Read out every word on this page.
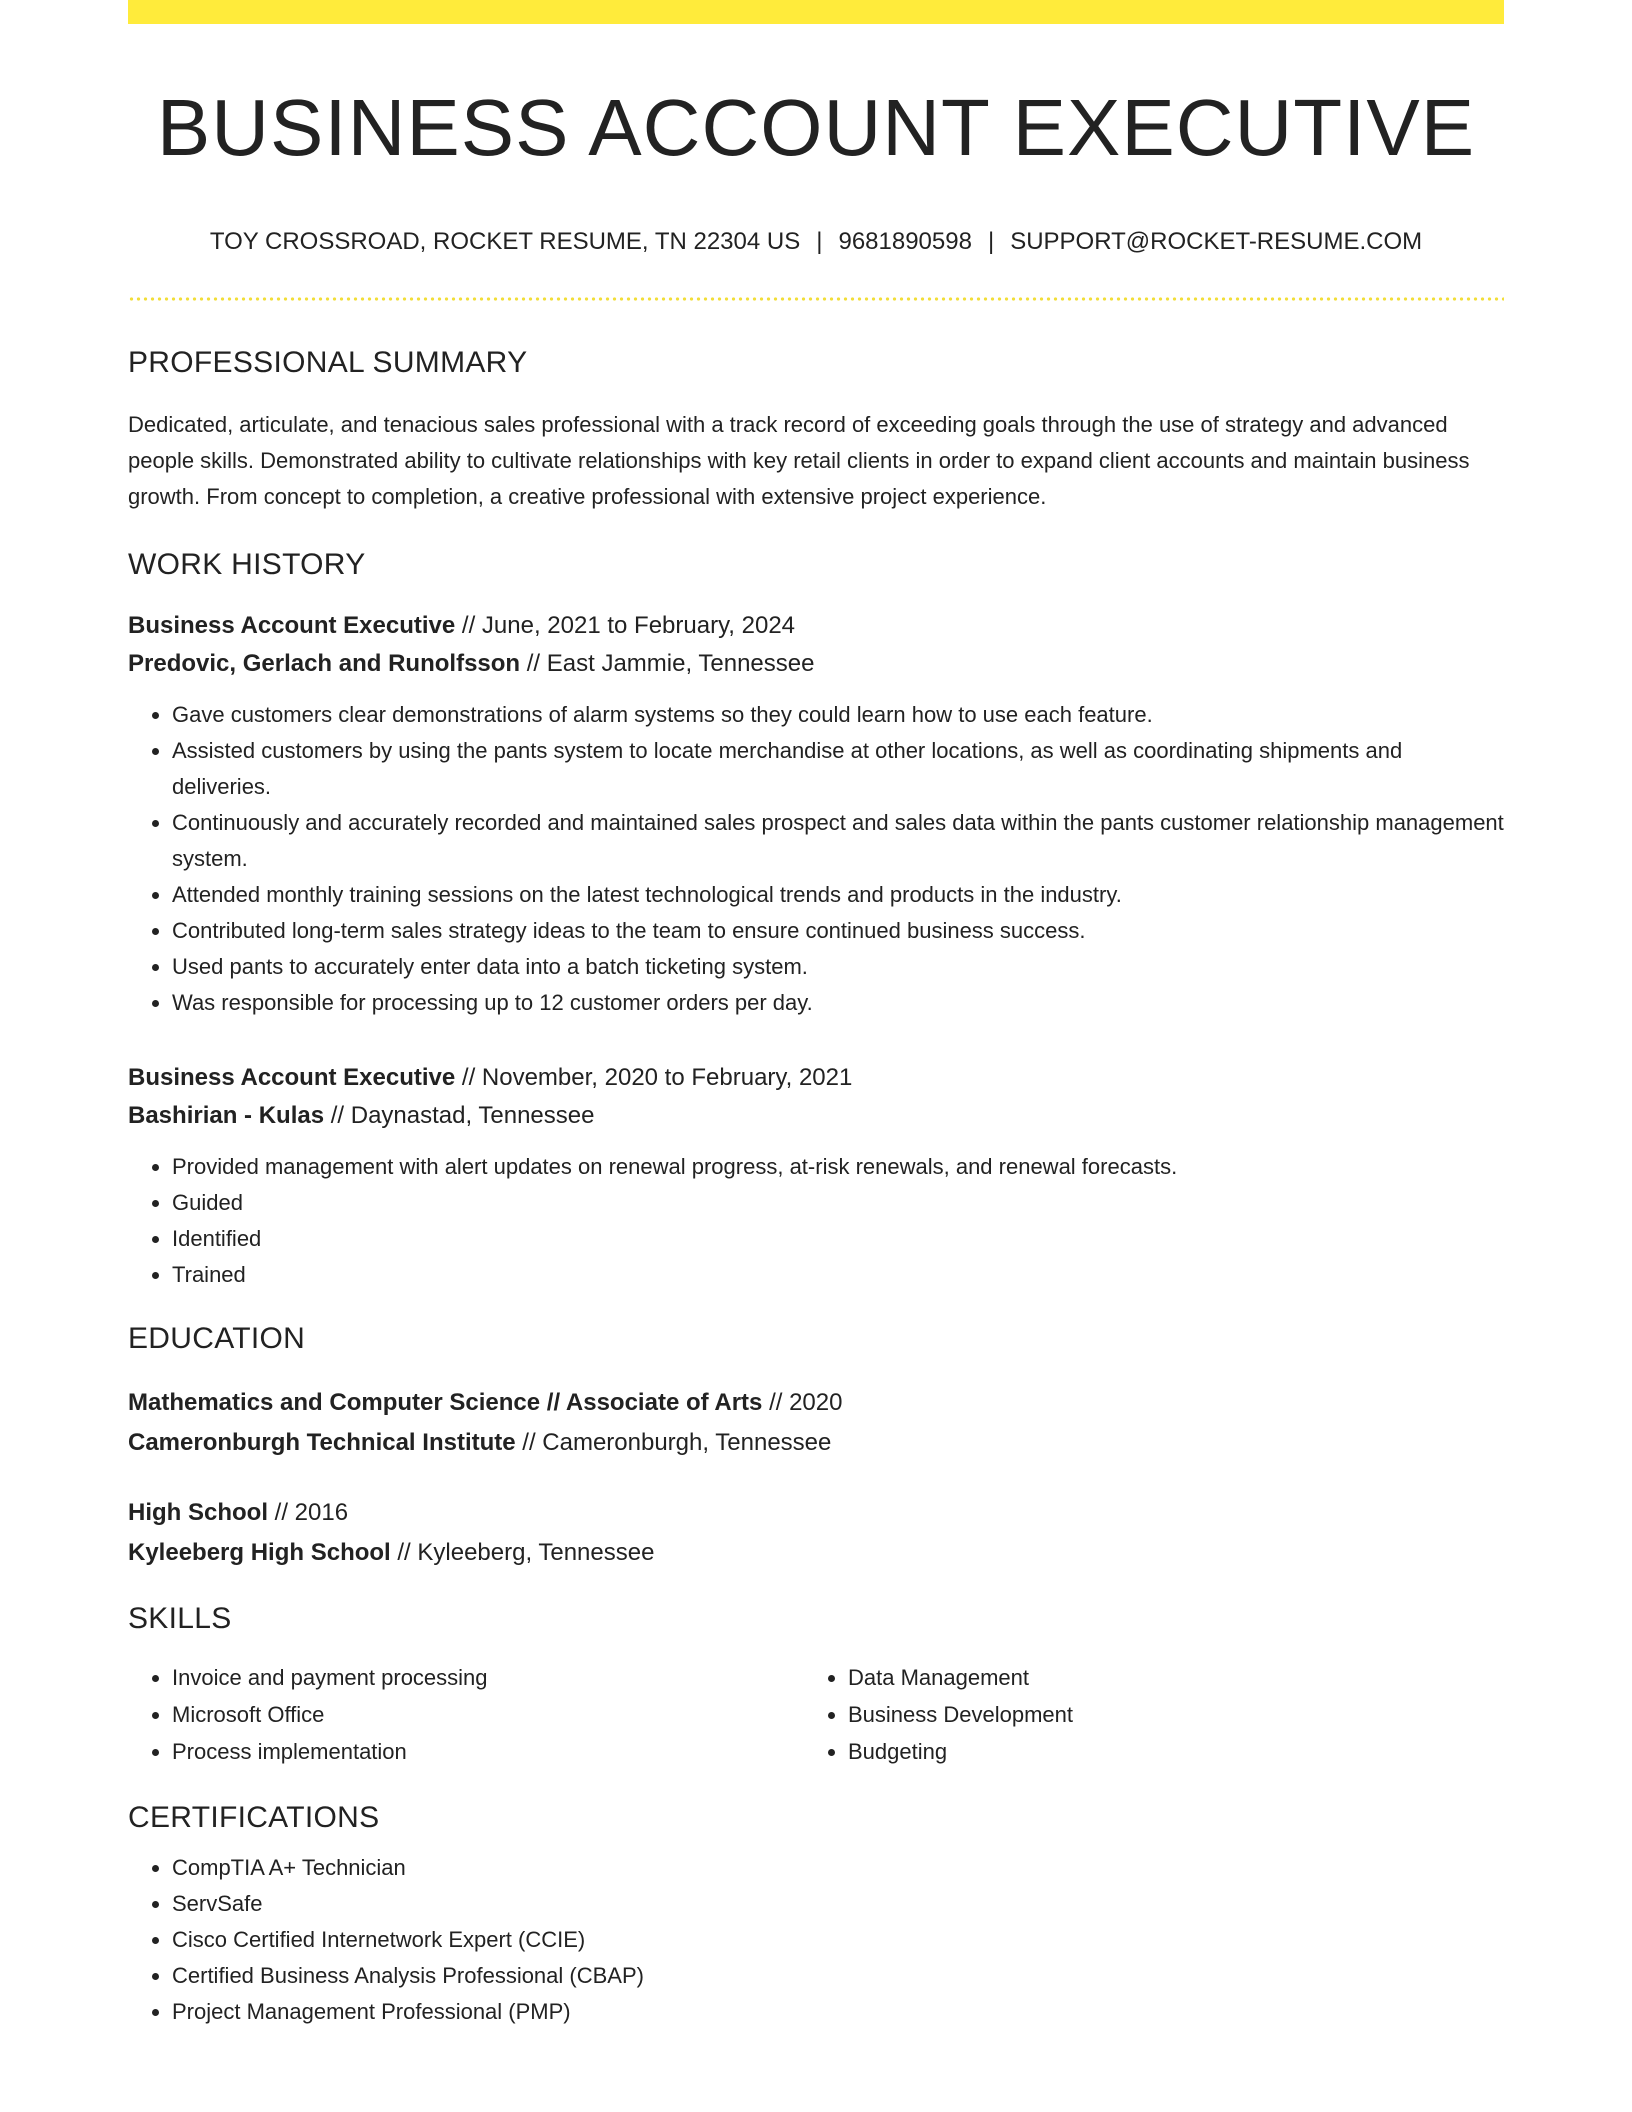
BUSINESS ACCOUNT EXECUTIVE
TOY CROSSROAD, ROCKET RESUME, TN 22304 US | 9681890598 | SUPPORT@ROCKET-RESUME.COM
PROFESSIONAL SUMMARY

Dedicated, articulate, and tenacious sales professional with a track record of exceeding goals through the use of strategy and advanced people skills. Demonstrated ability to cultivate relationships with key retail clients in order to expand client accounts and maintain business growth. From concept to completion, a creative professional with extensive project experience.

WORK HISTORY
Business Account Executive // June, 2021 to February, 2024
Predovic, Gerlach and Runolfsson // East Jammie, Tennessee
• Gave customers clear demonstrations of alarm systems so they could learn how to use each feature.
• Assisted customers by using the pants system to locate merchandise at other locations, as well as coordinating shipments and deliveries.
• Continuously and accurately recorded and maintained sales prospect and sales data within the pants customer relationship management system.
• Attended monthly training sessions on the latest technological trends and products in the industry.
• Contributed long-term sales strategy ideas to the team to ensure continued business success.
• Used pants to accurately enter data into a batch ticketing system.
• Was responsible for processing up to 12 customer orders per day.
Business Account Executive // November, 2020 to February, 2021
Bashirian - Kulas // Daynastad, Tennessee
• Provided management with alert updates on renewal progress, at-risk renewals, and renewal forecasts.
• Guided
• Identified
• Trained
EDUCATION
Mathematics and Computer Science // Associate of Arts // 2020
Cameronburgh Technical Institute // Cameronburgh, Tennessee
High School // 2016
Kyleeberg High School // Kyleeberg, Tennessee
SKILLS
• Invoice and payment processing
• Microsoft Office
• Process implementation
• Data Management
• Business Development
• Budgeting
CERTIFICATIONS
• CompTIA A+ Technician
• ServSafe
• Cisco Certified Internetwork Expert (CCIE)
• Certified Business Analysis Professional (CBAP)
• Project Management Professional (PMP)
